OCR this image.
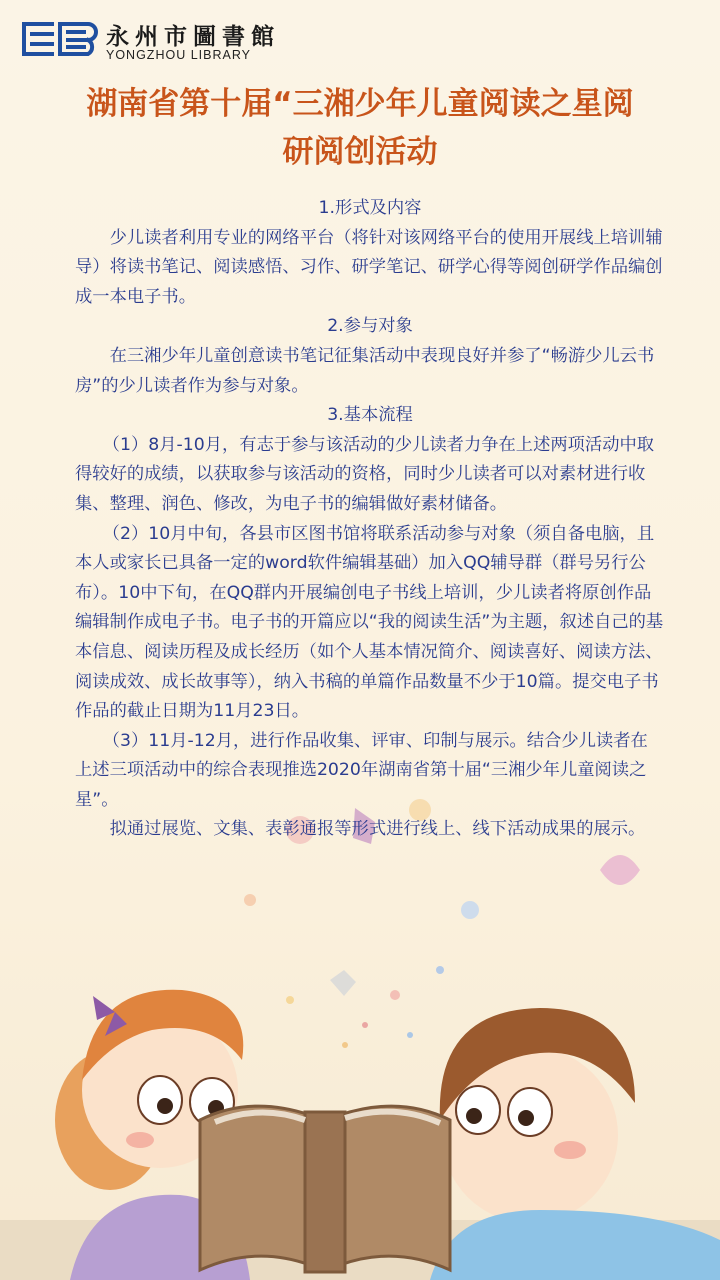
永州市圖書館
YONGZHOU LIBRARY
湖南省第十届“三湘少年儿童阅读之星阅
研阅创活动

1.形式及内容

少儿读者利用专业的网络平台（将针对该网络平台的使用开展线上培训辅导）将读书笔记、阅读感悟、习作、研学笔记、研学心得等阅创研学作品编创成一本电子书。

2.参与对象

在三湘少年儿童创意读书笔记征集活动中表现良好并参了“畅游少儿云书房”的少儿读者作为参与对象。

3.基本流程

（1）8月-10月，有志于参与该活动的少儿读者力争在上述两项活动中取得较好的成绩，以获取参与该活动的资格，同时少儿读者可以对素材进行收集、整理、润色、修改，为电子书的编辑做好素材储备。

（2）10月中旬，各县市区图书馆将联系活动参与对象（须自备电脑，且本人或家长已具备一定的word软件编辑基础）加入QQ辅导群（群号另行公布）。10中下旬，在QQ群内开展编创电子书线上培训，少儿读者将原创作品编辑制作成电子书。电子书的开篇应以“我的阅读生活”为主题，叙述自己的基本信息、阅读历程及成长经历（如个人基本情况简介、阅读喜好、阅读方法、阅读成效、成长故事等），纳入书稿的单篇作品数量不少于10篇。提交电子书作品的截止日期为11月23日。

（3）11月-12月，进行作品收集、评审、印制与展示。结合少儿读者在上述三项活动中的综合表现推选2020年湖南省第十届“三湘少年儿童阅读之星”。

拟通过展览、文集、表彰通报等形式进行线上、线下活动成果的展示。
